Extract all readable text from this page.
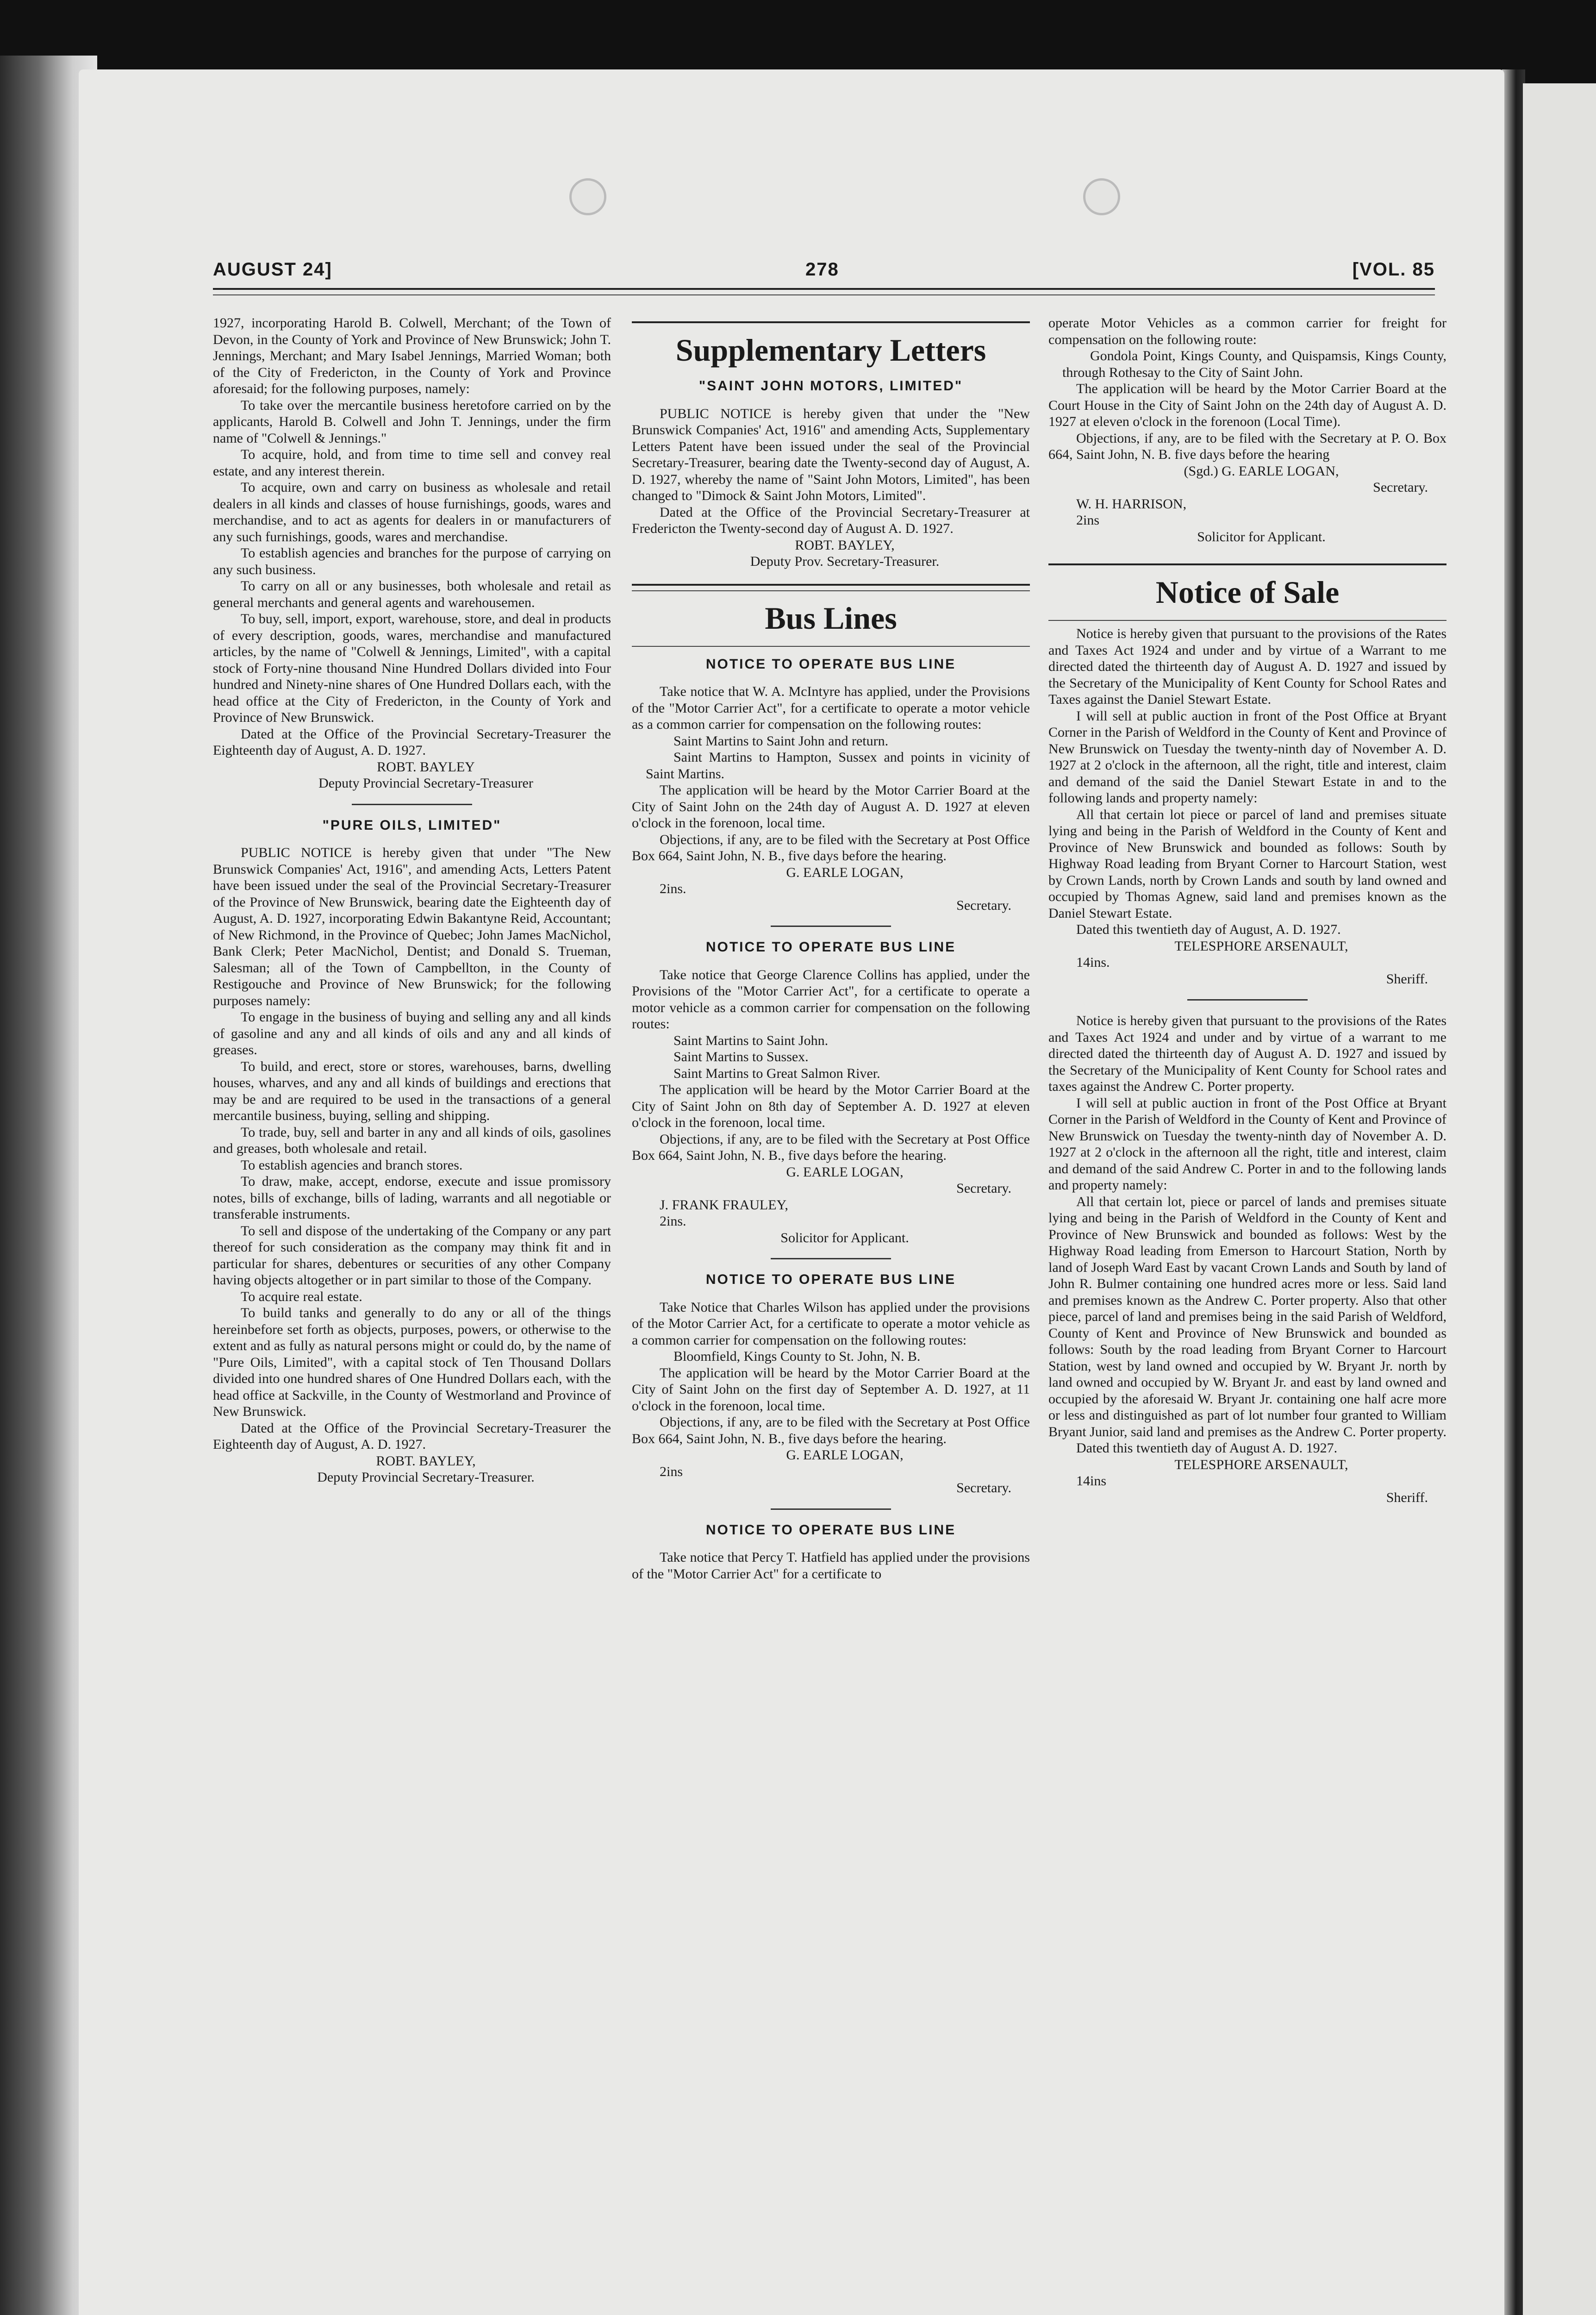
AUGUST 24]	278	[VOL. 85

1927, incorporating Harold B. Colwell, Merchant; of the Town of Devon, in the County of York and Province of New Brunswick; John T. Jennings, Merchant; and Mary Isabel Jennings, Married Woman; both of the City of Fredericton, in the County of York and Province aforesaid; for the following purposes, namely:

To take over the mercantile business heretofore carried on by the applicants, Harold B. Colwell and John T. Jennings, under the firm name of "Colwell & Jennings."

To acquire, hold, and from time to time sell and convey real estate, and any interest therein.

To acquire, own and carry on business as wholesale and retail dealers in all kinds and classes of house furnishings, goods, wares and merchandise, and to act as agents for dealers in or manufacturers of any such furnishings, goods, wares and merchandise.

To establish agencies and branches for the purpose of carrying on any such business.

To carry on all or any businesses, both wholesale and retail as general merchants and general agents and warehousemen.

To buy, sell, import, export, warehouse, store, and deal in products of every description, goods, wares, merchandise and manufactured articles, by the name of "Colwell & Jennings, Limited", with a capital stock of Forty-nine thousand Nine Hundred Dollars divided into Four hundred and Ninety-nine shares of One Hundred Dollars each, with the head office at the City of Fredericton, in the County of York and Province of New Brunswick.

Dated at the Office of the Provincial Secretary-Treasurer the Eighteenth day of August, A. D. 1927.

ROBT. BAYLEY

Deputy Provincial Secretary-Treasurer

"PURE OILS, LIMITED"

PUBLIC NOTICE is hereby given that under "The New Brunswick Companies' Act, 1916", and amending Acts, Letters Patent have been issued under the seal of the Provincial Secretary-Treasurer of the Province of New Brunswick, bearing date the Eighteenth day of August, A. D. 1927, incorporating Edwin Bakantyne Reid, Accountant; of New Richmond, in the Province of Quebec; John James MacNichol, Bank Clerk; Peter MacNichol, Dentist; and Donald S. Trueman, Salesman; all of the Town of Campbellton, in the County of Restigouche and Province of New Brunswick; for the following purposes namely:

To engage in the business of buying and selling any and all kinds of gasoline and any and all kinds of oils and any and all kinds of greases.

To build, and erect, store or stores, warehouses, barns, dwelling houses, wharves, and any and all kinds of buildings and erections that may be and are required to be used in the transactions of a general mercantile business, buying, selling and shipping.

To trade, buy, sell and barter in any and all kinds of oils, gasolines and greases, both wholesale and retail.

To establish agencies and branch stores.

To draw, make, accept, endorse, execute and issue promissory notes, bills of exchange, bills of lading, warrants and all negotiable or transferable instruments.

To sell and dispose of the undertaking of the Company or any part thereof for such consideration as the company may think fit and in particular for shares, debentures or securities of any other Company having objects altogether or in part similar to those of the Company.

To acquire real estate.

To build tanks and generally to do any or all of the things hereinbefore set forth as objects, purposes, powers, or otherwise to the extent and as fully as natural persons might or could do, by the name of "Pure Oils, Limited", with a capital stock of Ten Thousand Dollars divided into one hundred shares of One Hundred Dollars each, with the head office at Sackville, in the County of Westmorland and Province of New Brunswick.

Dated at the Office of the Provincial Secretary-Treasurer the Eighteenth day of August, A. D. 1927.

ROBT. BAYLEY,

Deputy Provincial Secretary-Treasurer.

Supplementary Letters
"SAINT JOHN MOTORS, LIMITED"

PUBLIC NOTICE is hereby given that under the "New Brunswick Companies' Act, 1916" and amending Acts, Supplementary Letters Patent have been issued under the seal of the Provincial Secretary-Treasurer, bearing date the Twenty-second day of August, A. D. 1927, whereby the name of "Saint John Motors, Limited", has been changed to "Dimock & Saint John Motors, Limited".

Dated at the Office of the Provincial Secretary-Treasurer at Fredericton the Twenty-second day of August A. D. 1927.

ROBT. BAYLEY,

Deputy Prov. Secretary-Treasurer.

Bus Lines
NOTICE TO OPERATE BUS LINE

Take notice that W. A. McIntyre has applied, under the Provisions of the "Motor Carrier Act", for a certificate to operate a motor vehicle as a common carrier for compensation on the following routes:

Saint Martins to Saint John and return.

Saint Martins to Hampton, Sussex and points in vicinity of Saint Martins.

The application will be heard by the Motor Carrier Board at the City of Saint John on the 24th day of August A. D. 1927 at eleven o'clock in the forenoon, local time.

Objections, if any, are to be filed with the Secretary at Post Office Box 664, Saint John, N. B., five days before the hearing.

G. EARLE LOGAN,

2ins.

Secretary.

NOTICE TO OPERATE BUS LINE

Take notice that George Clarence Collins has applied, under the Provisions of the "Motor Carrier Act", for a certificate to operate a motor vehicle as a common carrier for compensation on the following routes:

Saint Martins to Saint John.

Saint Martins to Sussex.

Saint Martins to Great Salmon River.

The application will be heard by the Motor Carrier Board at the City of Saint John on 8th day of September A. D. 1927 at eleven o'clock in the forenoon, local time.

Objections, if any, are to be filed with the Secretary at Post Office Box 664, Saint John, N. B., five days before the hearing.

G. EARLE LOGAN,

Secretary.

J. FRANK FRAULEY,

2ins.

Solicitor for Applicant.

NOTICE TO OPERATE BUS LINE

Take Notice that Charles Wilson has applied under the provisions of the Motor Carrier Act, for a certificate to operate a motor vehicle as a common carrier for compensation on the following routes:

Bloomfield, Kings County to St. John, N. B.

The application will be heard by the Motor Carrier Board at the City of Saint John on the first day of September A. D. 1927, at 11 o'clock in the forenoon, local time.

Objections, if any, are to be filed with the Secretary at Post Office Box 664, Saint John, N. B., five days before the hearing.

G. EARLE LOGAN,

2ins

Secretary.

NOTICE TO OPERATE BUS LINE

Take notice that Percy T. Hatfield has applied under the provisions of the "Motor Carrier Act" for a certificate to

operate Motor Vehicles as a common carrier for freight for compensation on the following route:

Gondola Point, Kings County, and Quispamsis, Kings County, through Rothesay to the City of Saint John.

The application will be heard by the Motor Carrier Board at the Court House in the City of Saint John on the 24th day of August A. D. 1927 at eleven o'clock in the forenoon (Local Time).

Objections, if any, are to be filed with the Secretary at P. O. Box 664, Saint John, N. B. five days before the hearing

(Sgd.) G. EARLE LOGAN,

Secretary.

W. H. HARRISON,

2ins

Solicitor for Applicant.

Notice of Sale

Notice is hereby given that pursuant to the provisions of the Rates and Taxes Act 1924 and under and by virtue of a Warrant to me directed dated the thirteenth day of August A. D. 1927 and issued by the Secretary of the Municipality of Kent County for School Rates and Taxes against the Daniel Stewart Estate.

I will sell at public auction in front of the Post Office at Bryant Corner in the Parish of Weldford in the County of Kent and Province of New Brunswick on Tuesday the twenty-ninth day of November A. D. 1927 at 2 o'clock in the afternoon, all the right, title and interest, claim and demand of the said the Daniel Stewart Estate in and to the following lands and property namely:

All that certain lot piece or parcel of land and premises situate lying and being in the Parish of Weldford in the County of Kent and Province of New Brunswick and bounded as follows: South by Highway Road leading from Bryant Corner to Harcourt Station, west by Crown Lands, north by Crown Lands and south by land owned and occupied by Thomas Agnew, said land and premises known as the Daniel Stewart Estate.

Dated this twentieth day of August, A. D. 1927.

TELESPHORE ARSENAULT,

14ins.

Sheriff.

Notice is hereby given that pursuant to the provisions of the Rates and Taxes Act 1924 and under and by virtue of a warrant to me directed dated the thirteenth day of August A. D. 1927 and issued by the Secretary of the Municipality of Kent County for School rates and taxes against the Andrew C. Porter property.

I will sell at public auction in front of the Post Office at Bryant Corner in the Parish of Weldford in the County of Kent and Province of New Brunswick on Tuesday the twenty-ninth day of November A. D. 1927 at 2 o'clock in the afternoon all the right, title and interest, claim and demand of the said Andrew C. Porter in and to the following lands and property namely:

All that certain lot, piece or parcel of lands and premises situate lying and being in the Parish of Weldford in the County of Kent and Province of New Brunswick and bounded as follows: West by the Highway Road leading from Emerson to Harcourt Station, North by land of Joseph Ward East by vacant Crown Lands and South by land of John R. Bulmer containing one hundred acres more or less. Said land and premises known as the Andrew C. Porter property. Also that other piece, parcel of land and premises being in the said Parish of Weldford, County of Kent and Province of New Brunswick and bounded as follows: South by the road leading from Bryant Corner to Harcourt Station, west by land owned and occupied by W. Bryant Jr. north by land owned and occupied by W. Bryant Jr. and east by land owned and occupied by the aforesaid W. Bryant Jr. containing one half acre more or less and distinguished as part of lot number four granted to William Bryant Junior, said land and premises as the Andrew C. Porter property.

Dated this twentieth day of August A. D. 1927.

TELESPHORE ARSENAULT,

14ins

Sheriff.
